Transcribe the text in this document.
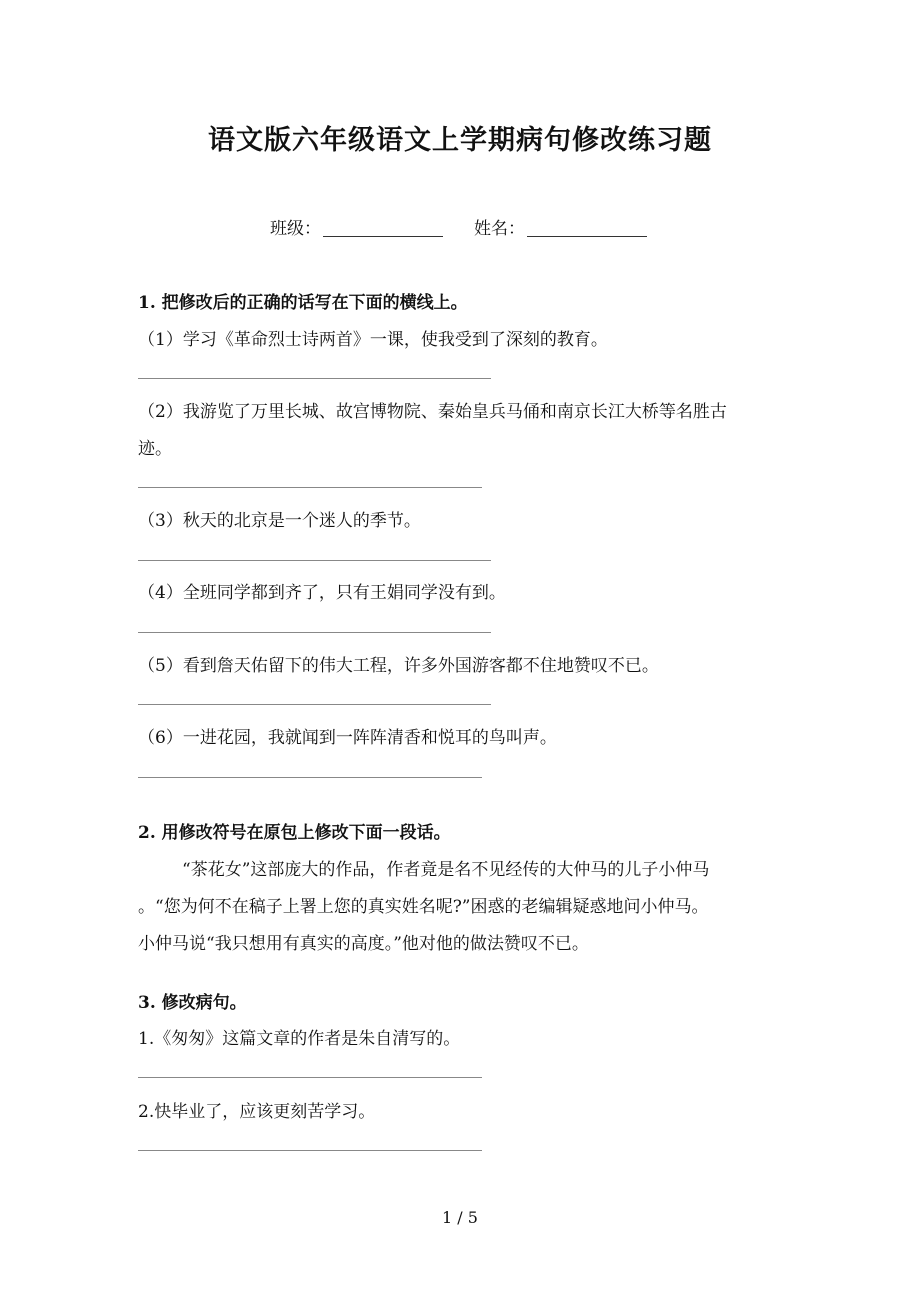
语文版六年级语文上学期病句修改练习题
班级：	姓名：
1. 把修改后的正确的话写在下面的横线上。
（1）学习《革命烈士诗两首》一课，使我受到了深刻的教育。
（2）我游览了万里长城、故宫博物院、秦始皇兵马俑和南京长江大桥等名胜古
迹。
（3）秋天的北京是一个迷人的季节。
（4）全班同学都到齐了，只有王娟同学没有到。
（5）看到詹天佑留下的伟大工程，许多外国游客都不住地赞叹不已。
（6）一进花园，我就闻到一阵阵清香和悦耳的鸟叫声。
2. 用修改符号在原包上修改下面一段话。
“茶花女”这部庞大的作品，作者竟是名不见经传的大仲马的儿子小仲马
。“您为何不在稿子上署上您的真实姓名呢?”困惑的老编辑疑惑地问小仲马。
小仲马说“我只想用有真实的高度。”他对他的做法赞叹不已。
3. 修改病句。
1.《匆匆》这篇文章的作者是朱自清写的。
2.快毕业了，应该更刻苦学习。
1 / 5
